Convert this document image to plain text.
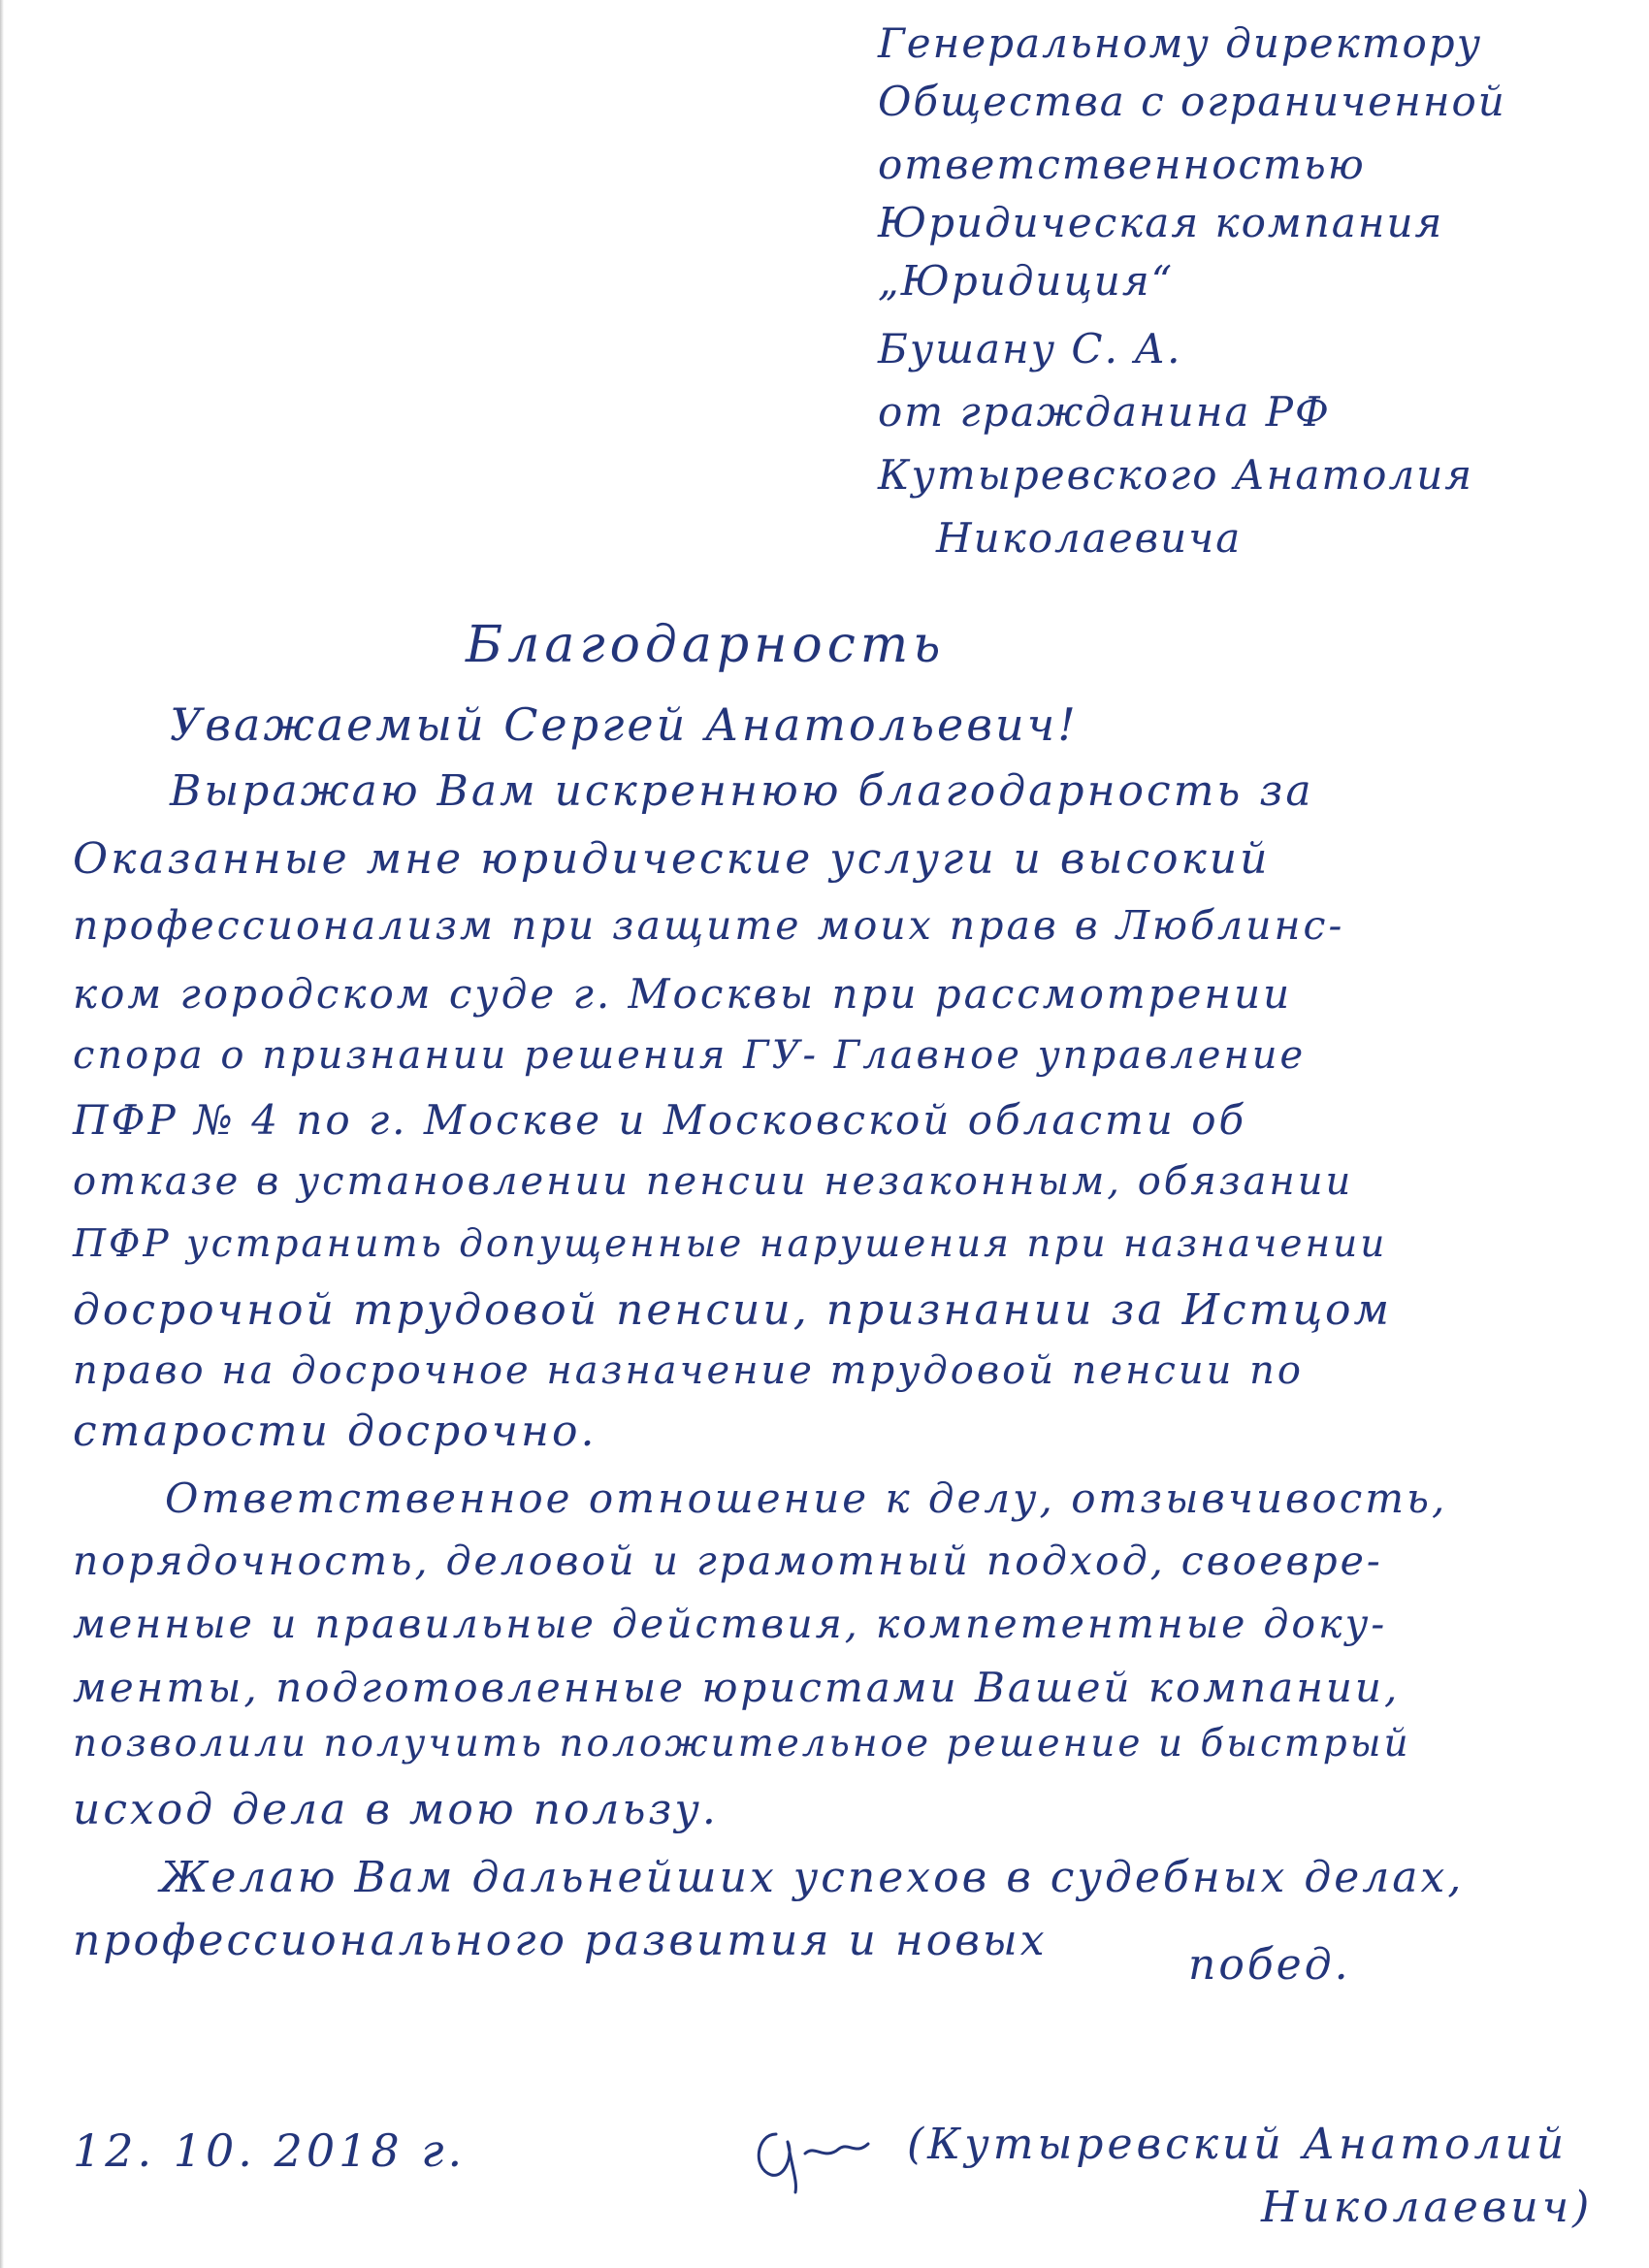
Генеральному директору
Общества с ограниченной
ответственностью
Юридическая компания
„Юридиция“
Бушану С. А.
от гражданина РФ
Кутыревского Анатолия
Николаевича
Благодарность
Уважаемый Сергей Анатольевич!
Выражаю Вам искреннюю благодарность за
Оказанные мне юридические услуги и высокий
профессионализм при защите моих прав в Люблинс-
ком городском суде г. Москвы при рассмотрении
спора о признании решения ГУ- Главное управление
ПФР № 4 по г. Москве и Московской области об
отказе в установлении пенсии незаконным, обязании
ПФР устранить допущенные нарушения при назначении
досрочной трудовой пенсии, признании за Истцом
право на досрочное назначение трудовой пенсии по
старости досрочно.
Ответственное отношение к делу, отзывчивость,
порядочность, деловой и грамотный подход, своевре-
менные и правильные действия, компетентные доку-
менты, подготовленные юристами Вашей компании,
позволили получить положительное решение и быстрый
исход дела в мою пользу.
Желаю Вам дальнейших успехов в судебных делах,
профессионального развития и новых	побед.
12. 10. 2018 г.	(Кутыревский Анатолий
Николаевич)
